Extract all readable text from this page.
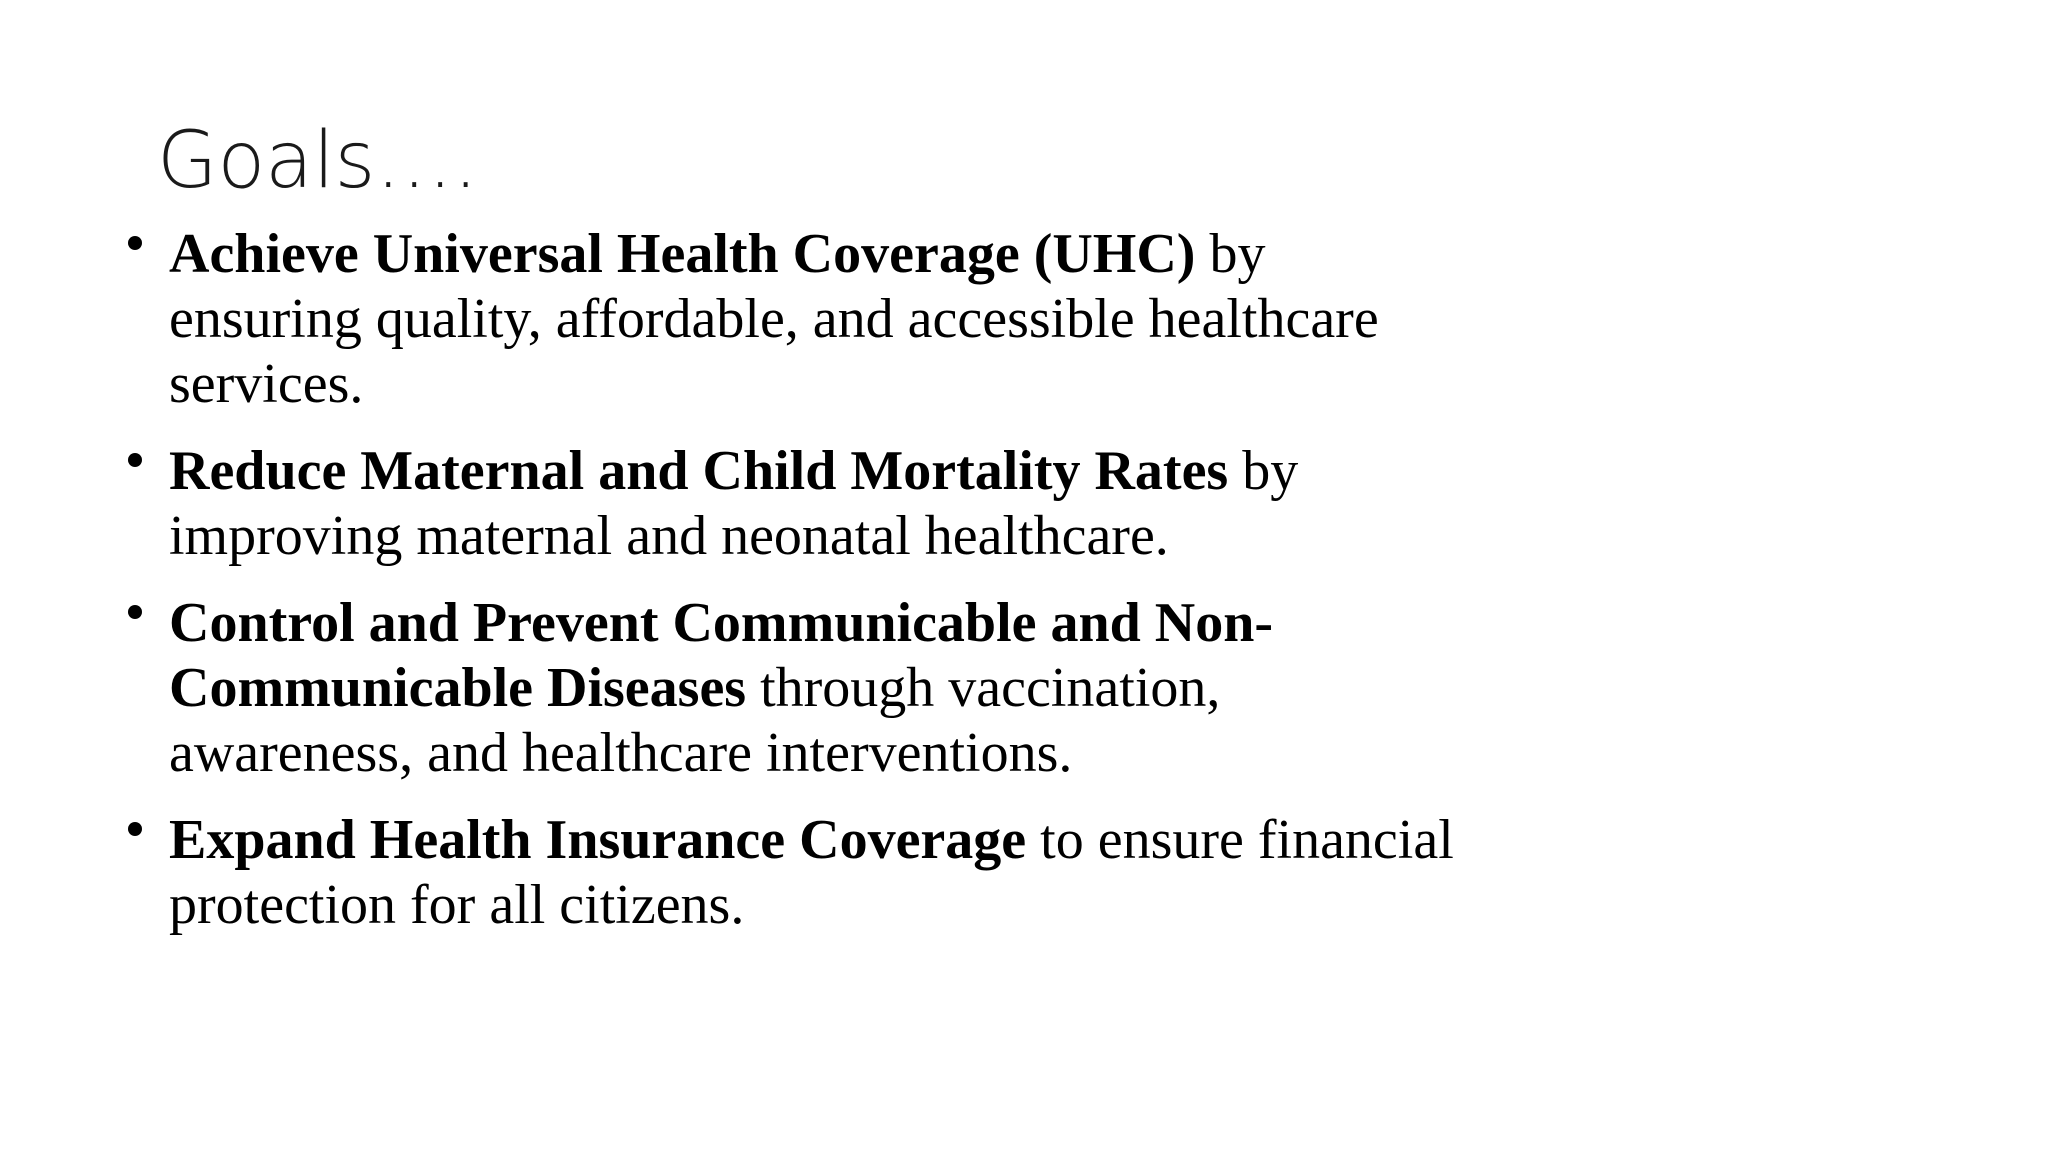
Goals….
Achieve Universal Health Coverage (UHC) by
ensuring quality, affordable, and accessible healthcare
services.
Reduce Maternal and Child Mortality Rates by
improving maternal and neonatal healthcare.
Control and Prevent Communicable and Non-
Communicable Diseases through vaccination,
awareness, and healthcare interventions.
Expand Health Insurance Coverage to ensure financial
protection for all citizens.
